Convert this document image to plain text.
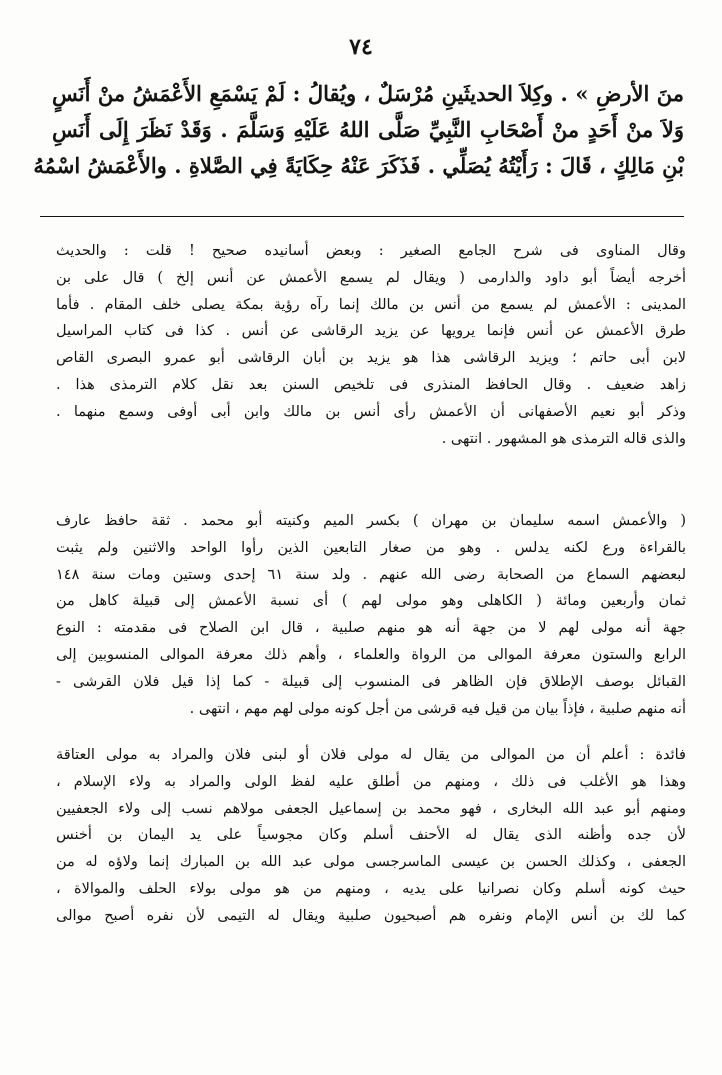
٧٤

منَ الأرضِ » . وكِلاَ الحديثَينِ مُرْسَلٌ ، ويُقالُ : لَمْ يَسْمَعِ الأَعْمَشُ منْ أَنَسٍ

وَلاَ منْ أَحَدٍ منْ أَصْحَابِ النَّبِيِّ صَلَّى اللهُ عَلَيْهِ وَسَلَّمَ . وَقَدْ نَظَرَ إِلَى أَنَسِ

بْنِ مَالِكٍ ، قَالَ : رَأَيْتُهُ يُصَلِّي . فَذَكَرَ عَنْهُ حِكَايَةً فِي الصَّلاةِ . والأَعْمَشُ اسْمُهُ

وقال المناوى فى شرح الجامع الصغير : وبعض أسانيده صحيح ! قلت : والحديث

أخرجه أيضاً أبو داود والدارمى ( ويقال لم يسمع الأعمش عن أنس إلخ ) قال على بن

المدينى : الأعمش لم يسمع من أنس بن مالك إنما رآه رؤية بمكة يصلى خلف المقام . فأما

طرق الأعمش عن أنس فإنما يرويها عن يزيد الرقاشى عن أنس . كذا فى كتاب المراسيل

لابن أبى حاتم ؛ ويزيد الرقاشى هذا هو يزيد بن أبان الرقاشى أبو عمرو البصرى القاص

زاهد ضعيف . وقال الحافظ المنذرى فى تلخيص السنن بعد نقل كلام الترمذى هذا .

وذكر أبو نعيم الأصفهانى أن الأعمش رأى أنس بن مالك وابن أبى أوفى وسمع منهما .

والذى قاله الترمذى هو المشهور . انتهى .

( والأعمش اسمه سليمان بن مهران ) بكسر الميم وكنيته أبو محمد . ثقة حافظ عارف

بالقراءة ورع لكنه يدلس . وهو من صغار التابعين الذين رأوا الواحد والاثنين ولم يثبت

لبعضهم السماع من الصحابة رضى الله عنهم . ولد سنة ٦١ إحدى وستين ومات سنة ١٤٨

ثمان وأربعين ومائة ( الكاهلى وهو مولى لهم ) أى نسبة الأعمش إلى قبيلة كاهل من

جهة أنه مولى لهم لا من جهة أنه هو منهم صلبية ، قال ابن الصلاح فى مقدمته : النوع

الرابع والستون معرفة الموالى من الرواة والعلماء ، وأهم ذلك معرفة الموالى المنسوبين إلى

القبائل بوصف الإطلاق فإن الظاهر فى المنسوب إلى قبيلة - كما إذا قيل فلان القرشى -

أنه منهم صلبية ، فإذاً بيان من قيل فيه قرشى من أجل كونه مولى لهم مهم ، انتهى .

فائدة : أعلم أن من الموالى من يقال له مولى فلان أو لبنى فلان والمراد به مولى العتاقة

وهذا هو الأغلب فى ذلك ، ومنهم من أطلق عليه لفظ الولى والمراد به ولاء الإسلام ،

ومنهم أبو عبد الله البخارى ، فهو محمد بن إسماعيل الجعفى مولاهم نسب إلى ولاء الجعفيين

لأن جده وأظنه الذى يقال له الأحنف أسلم وكان مجوسياً على يد اليمان بن أخنس

الجعفى ، وكذلك الحسن بن عيسى الماسرجسى مولى عبد الله بن المبارك إنما ولاؤه له من

حيث كونه أسلم وكان نصرانيا على يديه ، ومنهم من هو مولى بولاء الحلف والموالاة ،

كما لك بن أنس الإمام ونفره هم أصبحيون صلبية ويقال له التيمى لأن نفره أصبح موالى
